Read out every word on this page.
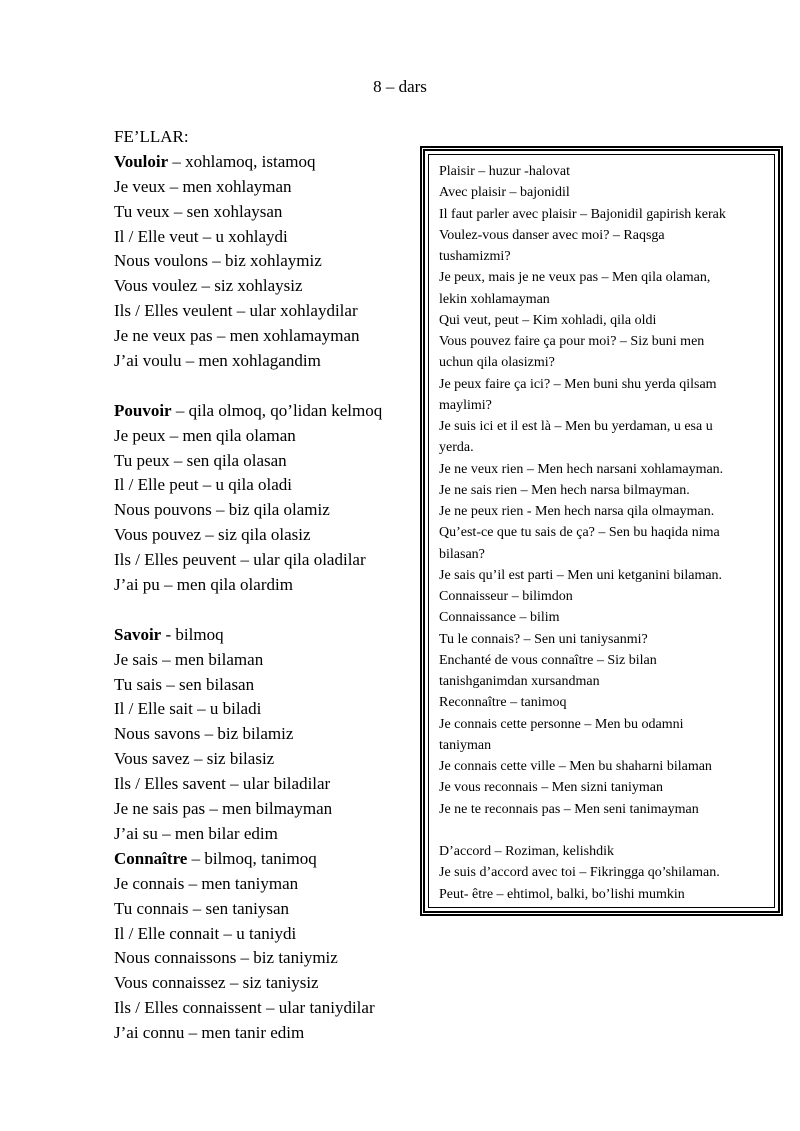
8 – dars
FE’LLAR:
Vouloir – xohlamoq, istamoq
Je veux – men xohlayman
Tu veux – sen xohlaysan
Il / Elle veut – u xohlaydi
Nous voulons – biz xohlaymiz
Vous voulez – siz xohlaysiz
Ils / Elles veulent – ular xohlaydilar
Je ne veux pas – men xohlamayman
J’ai voulu – men xohlagandim
Pouvoir – qila olmoq, qo’lidan kelmoq
Je peux – men qila olaman
Tu peux – sen qila olasan
Il / Elle peut – u qila oladi
Nous pouvons – biz qila olamiz
Vous pouvez – siz qila olasiz
Ils / Elles peuvent – ular qila oladilar
J’ai pu – men qila olardim
Savoir - bilmoq
Je sais – men bilaman
Tu sais – sen bilasan
Il / Elle sait – u biladi
Nous savons – biz bilamiz
Vous savez – siz bilasiz
Ils / Elles savent – ular biladilar
Je ne sais pas – men bilmayman
J’ai su – men bilar edim
Connaître – bilmoq, tanimoq
Je connais – men taniyman
Tu connais – sen taniysan
Il / Elle connait – u taniydi
Nous connaissons – biz taniymiz
Vous connaissez – siz taniysiz
Ils / Elles connaissent – ular taniydilar
J’ai connu – men tanir edim
Plaisir – huzur -halovat
Avec plaisir – bajonidil
Il faut parler avec plaisir – Bajonidil gapirish kerak
Voulez-vous danser avec moi? – Raqsga
tushamizmi?
Je peux, mais je ne veux pas – Men qila olaman,
lekin xohlamayman
Qui veut, peut – Kim xohladi, qila oldi
Vous pouvez faire ça pour moi? – Siz buni men
uchun qila olasizmi?
Je peux faire ça ici? – Men buni shu yerda qilsam
maylimi?
Je suis ici et il est là – Men bu yerdaman, u esa u
yerda.
Je ne veux rien – Men hech narsani xohlamayman.
Je ne sais rien – Men hech narsa bilmayman.
Je ne peux rien - Men hech narsa qila olmayman.
Qu’est-ce que tu sais de ça? – Sen bu haqida nima
bilasan?
Je sais qu’il est parti – Men uni ketganini bilaman.
Connaisseur – bilimdon
Connaissance – bilim
Tu le connais? – Sen uni taniysanmi?
Enchanté de vous connaître – Siz bilan
tanishganimdan xursandman
Reconnaître – tanimoq
Je connais cette personne – Men bu odamni
taniyman
Je connais cette ville – Men bu shaharni bilaman
Je vous reconnais – Men sizni taniyman
Je ne te reconnais pas – Men seni tanimayman
D’accord – Roziman, kelishdik
Je suis d’accord avec toi – Fikringga qo’shilaman.
Peut- être – ehtimol, balki, bo’lishi mumkin
